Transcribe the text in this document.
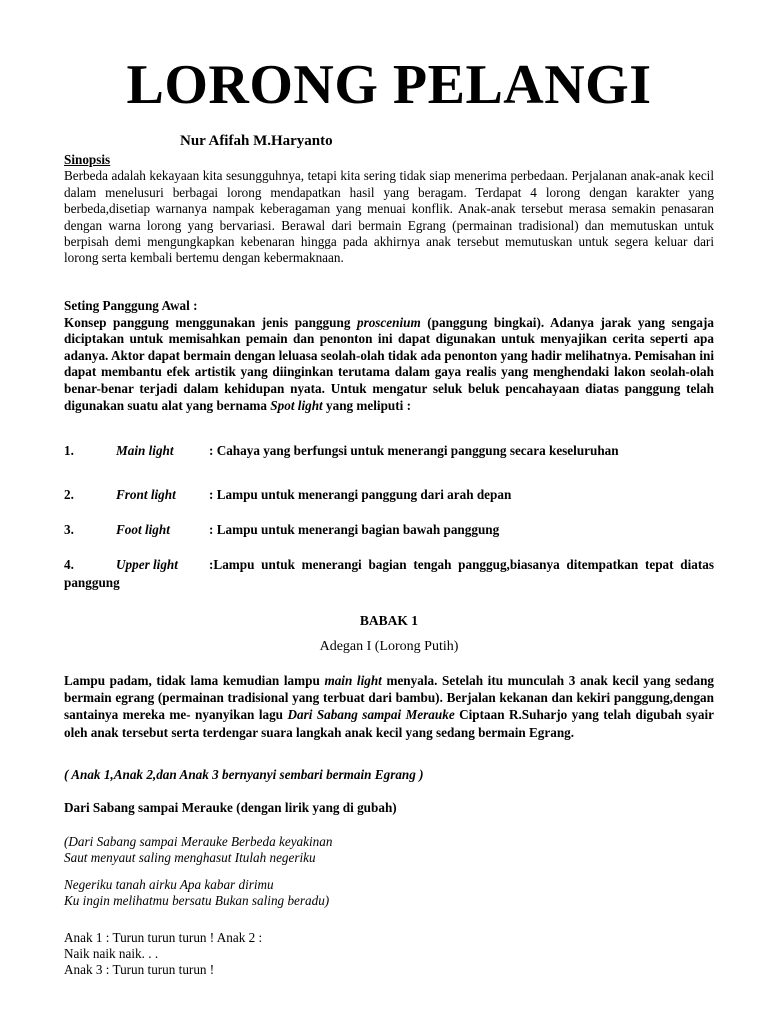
LORONG PELANGI
Nur Afifah M.Haryanto
Sinopsis
Berbeda adalah kekayaan kita sesungguhnya, tetapi kita sering tidak siap menerima perbedaan. Perjalanan anak-anak kecil dalam menelusuri berbagai lorong mendapatkan hasil yang beragam. Terdapat 4 lorong dengan karakter yang berbeda,disetiap warnanya nampak keberagaman yang menuai konflik. Anak-anak tersebut merasa semakin penasaran dengan warna lorong yang bervariasi. Berawal dari bermain Egrang (permainan tradisional) dan memutuskan untuk berpisah demi mengungkapkan kebenaran hingga pada akhirnya anak tersebut memutuskan untuk segera keluar dari lorong serta kembali bertemu dengan kebermaknaan.
Seting Panggung Awal :
Konsep panggung menggunakan jenis panggung proscenium (panggung bingkai). Adanya jarak yang sengaja diciptakan untuk memisahkan pemain dan penonton ini dapat digunakan untuk menyajikan cerita seperti apa adanya. Aktor dapat bermain dengan leluasa seolah-olah tidak ada penonton yang hadir melihatnya. Pemisahan ini dapat membantu efek artistik yang diinginkan terutama dalam gaya realis yang menghendaki lakon seolah-olah benar-benar terjadi dalam kehidupan nyata. Untuk mengatur seluk beluk pencahayaan diatas panggung telah digunakan suatu alat yang bernama Spot light yang meliputi :
1.	Main light	: Cahaya yang berfungsi untuk menerangi panggung secara keseluruhan
2.	Front light	: Lampu untuk menerangi panggung dari arah depan
3.	Foot light	: Lampu untuk menerangi bagian bawah panggung
4.	Upper light :Lampu untuk menerangi bagian tengah panggug,biasanya ditempatkan tepat diatas panggung
BABAK 1
Adegan I (Lorong Putih)
Lampu padam, tidak lama kemudian lampu main light menyala. Setelah itu munculah 3 anak kecil yang sedang bermain egrang (permainan tradisional yang terbuat dari bambu). Berjalan kekanan dan kekiri panggung,dengan santainya mereka me- nyanyikan lagu Dari Sabang sampai Merauke Ciptaan R.Suharjo yang telah digubah syair oleh anak tersebut serta terdengar suara langkah anak kecil yang sedang bermain Egrang.
( Anak 1,Anak 2,dan Anak 3 bernyanyi sembari bermain Egrang )
Dari Sabang sampai Merauke (dengan lirik yang di gubah)
(Dari Sabang sampai Merauke Berbeda keyakinan
Saut menyaut saling menghasut Itulah negeriku
Negeriku tanah airku Apa kabar dirimu
Ku ingin melihatmu bersatu Bukan saling beradu)
Anak 1 : Turun turun turun ! Anak 2 :
Naik naik naik. . .
Anak 3 : Turun turun turun !
